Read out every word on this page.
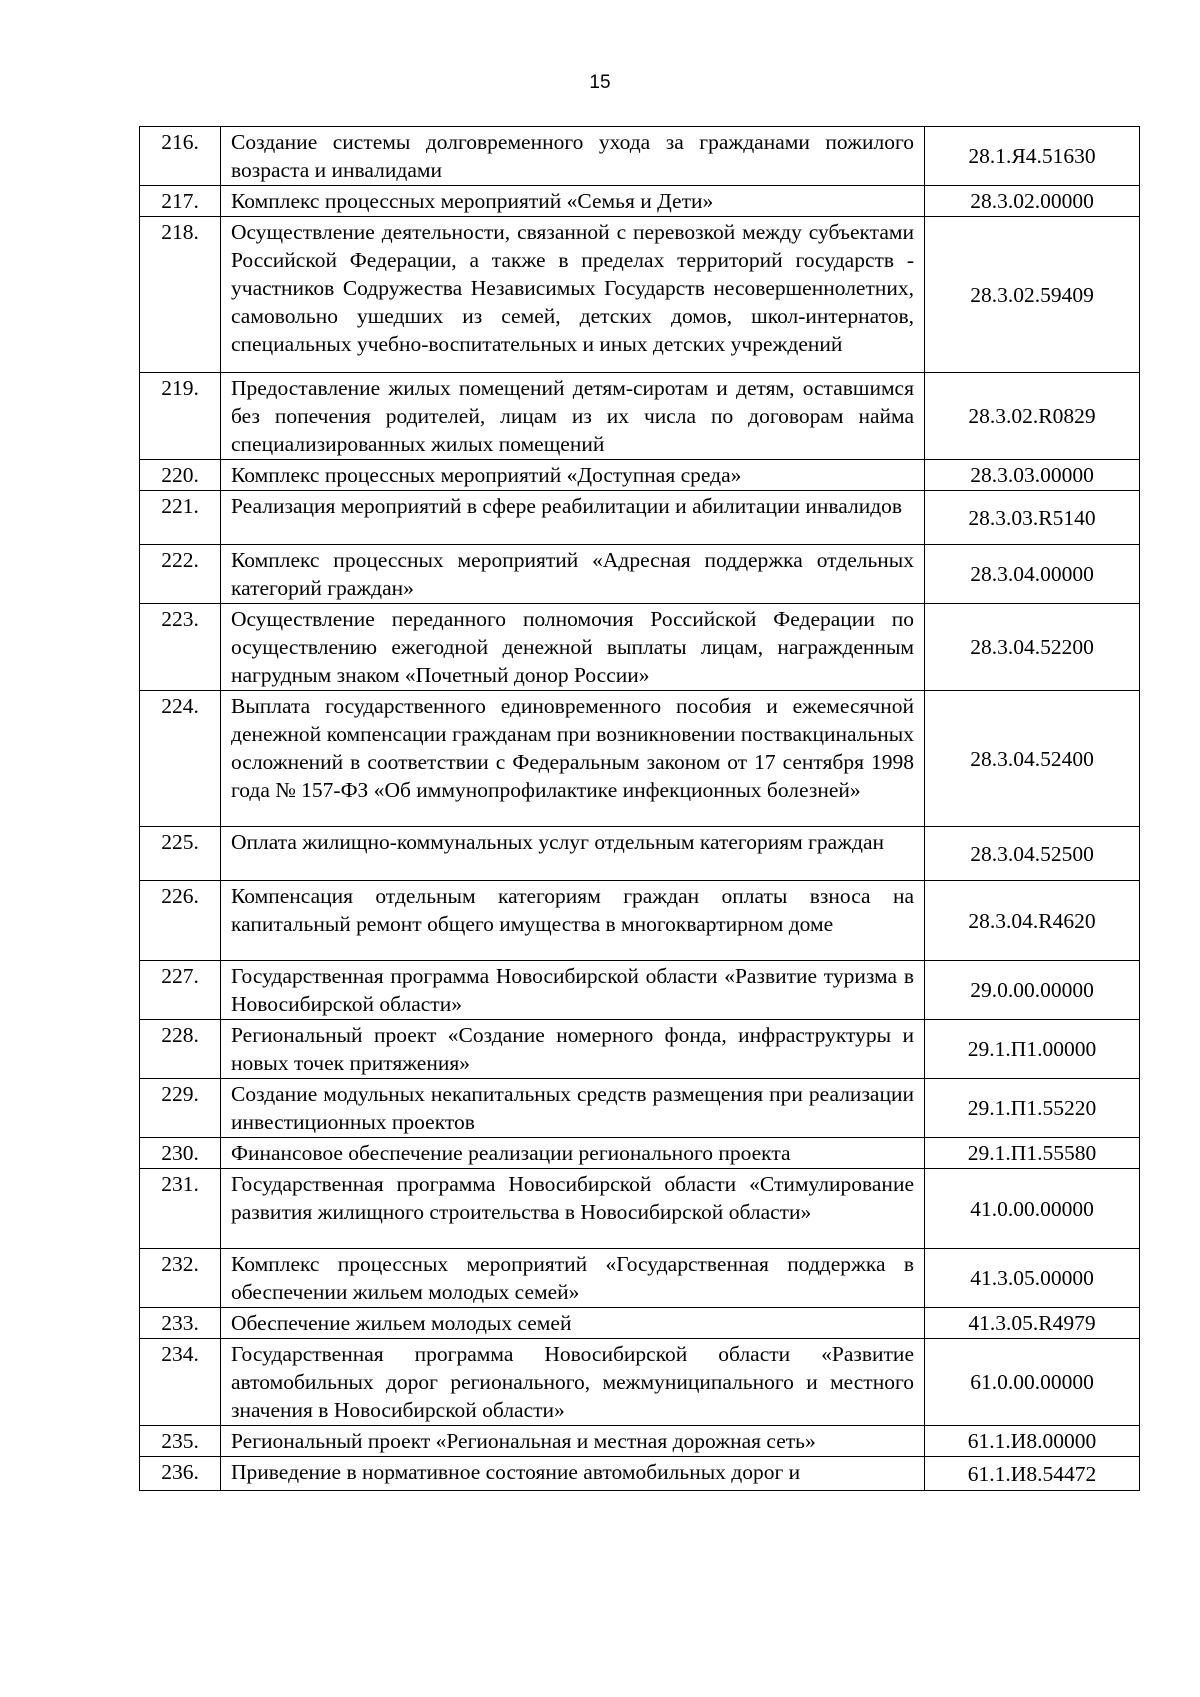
15
216.	Создание системы долговременного ухода за гражданами пожилого возраста и инвалидами	28.1.Я4.51630
217.	Комплекс процессных мероприятий «Семья и Дети»	28.3.02.00000
218.	Осуществление деятельности, связанной с перевозкой между субъектами Российской Федерации, а также в пределах территорий государств - участников Содружества Независимых Государств несовершеннолетних, самовольно ушедших из семей, детских домов, школ-интернатов, специальных учебно-воспитательных и иных детских учреждений	28.3.02.59409
219.	Предоставление жилых помещений детям-сиротам и детям, оставшимся без попечения родителей, лицам из их числа по договорам найма специализированных жилых помещений	28.3.02.R0829
220.	Комплекс процессных мероприятий «Доступная среда»	28.3.03.00000
221.	Реализация мероприятий в сфере реабилитации и абилитации инвалидов	28.3.03.R5140
222.	Комплекс процессных мероприятий «Адресная поддержка отдельных категорий граждан»	28.3.04.00000
223.	Осуществление переданного полномочия Российской Федерации по осуществлению ежегодной денежной выплаты лицам, награжденным нагрудным знаком «Почетный донор России»	28.3.04.52200
224.	Выплата государственного единовременного пособия и ежемесячной денежной компенсации гражданам при возникновении поствакцинальных осложнений в соответствии с Федеральным законом от 17 сентября 1998 года № 157-ФЗ «Об иммунопрофилактике инфекционных болезней»	28.3.04.52400
225.	Оплата жилищно-коммунальных услуг отдельным категориям граждан	28.3.04.52500
226.	Компенсация отдельным категориям граждан оплаты взноса на капитальный ремонт общего имущества в многоквартирном доме	28.3.04.R4620
227.	Государственная программа Новосибирской области «Развитие туризма в Новосибирской области»	29.0.00.00000
228.	Региональный проект «Создание номерного фонда, инфраструктуры и новых точек притяжения»	29.1.П1.00000
229.	Создание модульных некапитальных средств размещения при реализации инвестиционных проектов	29.1.П1.55220
230.	Финансовое обеспечение реализации регионального проекта	29.1.П1.55580
231.	Государственная программа Новосибирской области «Стимулирование развития жилищного строительства в Новосибирской области»	41.0.00.00000
232.	Комплекс процессных мероприятий «Государственная поддержка в обеспечении жильем молодых семей»	41.3.05.00000
233.	Обеспечение жильем молодых семей	41.3.05.R4979
234.	Государственная программа Новосибирской области «Развитие автомобильных дорог регионального, межмуниципального и местного значения в Новосибирской области»	61.0.00.00000
235.	Региональный проект «Региональная и местная дорожная сеть»	61.1.И8.00000
236.	Приведение в нормативное состояние автомобильных дорог и	61.1.И8.54472
